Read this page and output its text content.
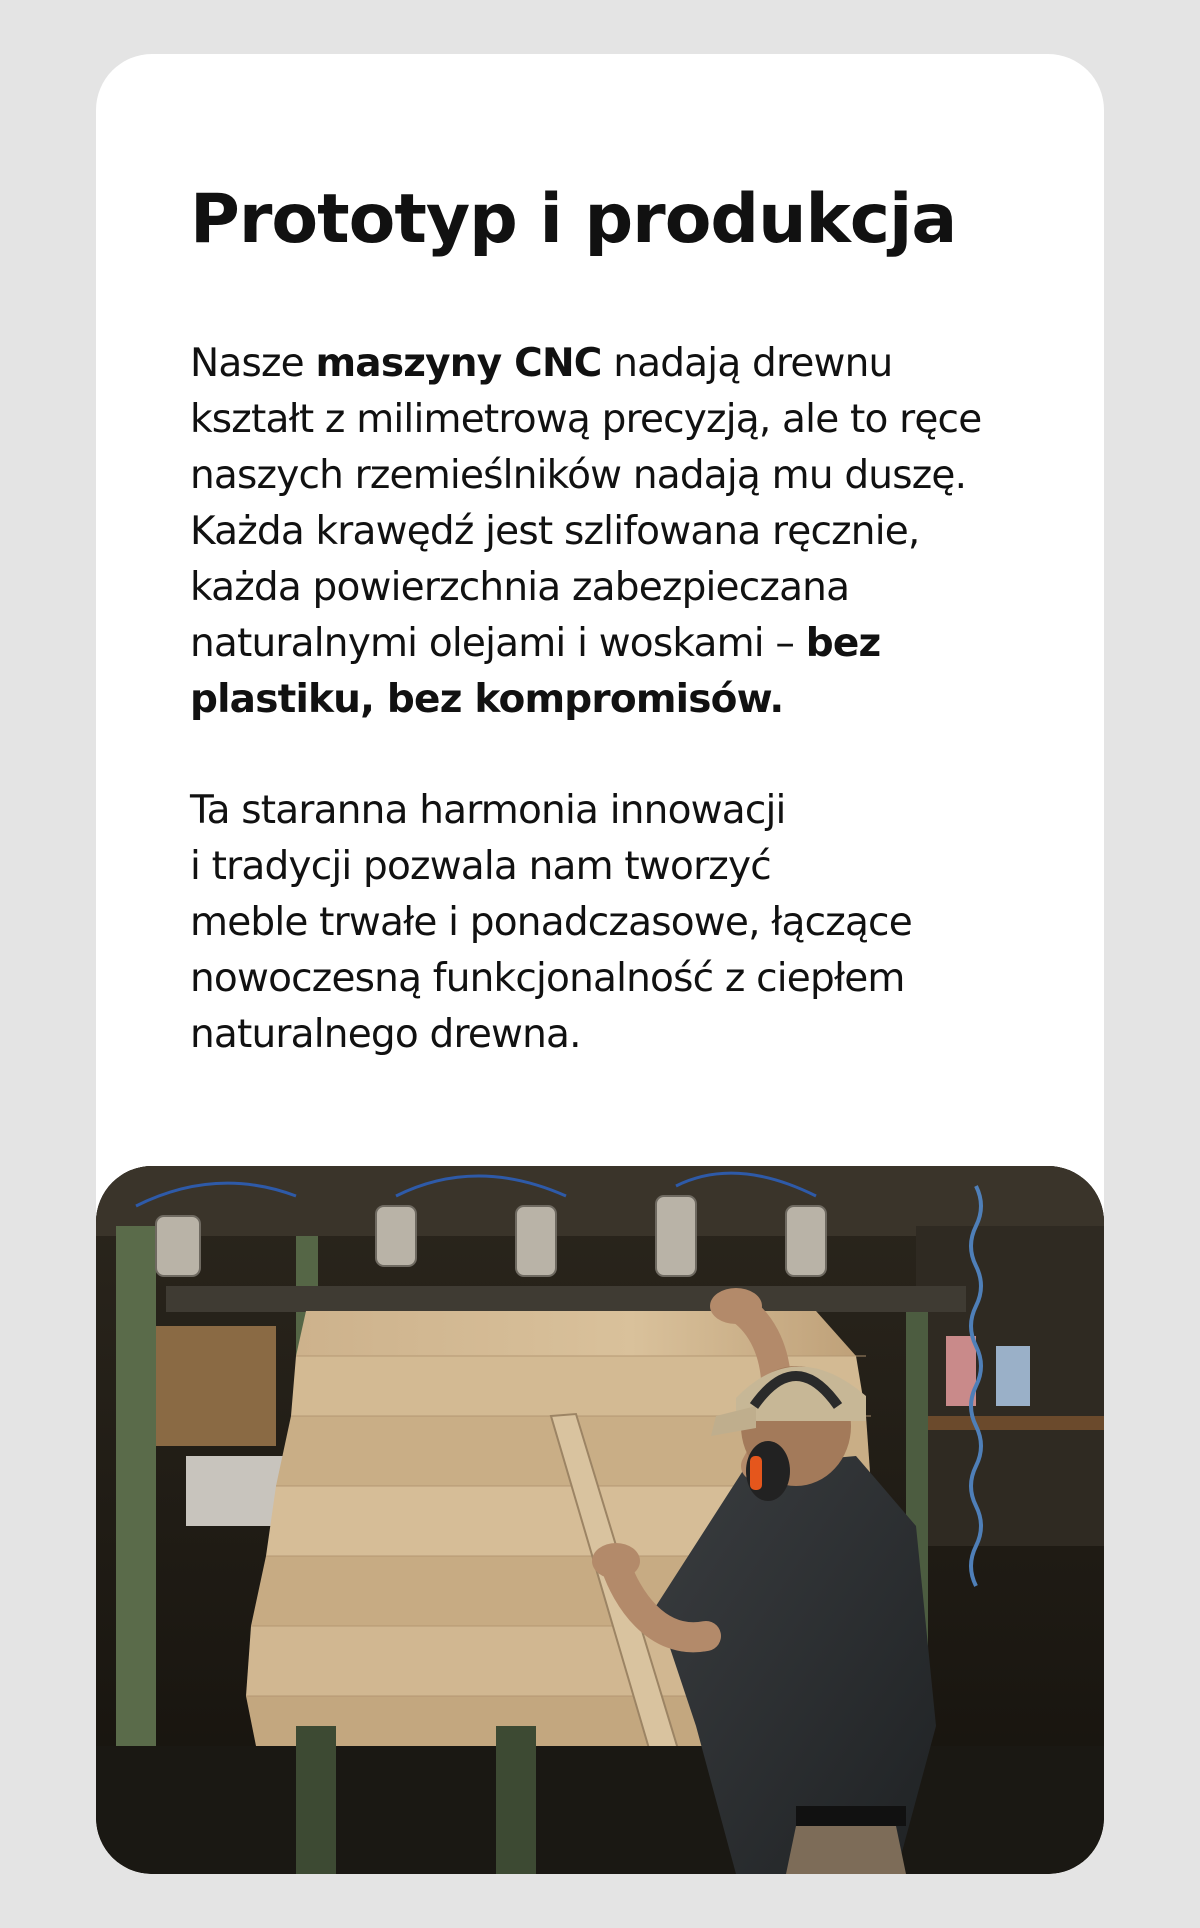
Prototyp i produkcja

Nasze maszyny CNC nadają drewnu
kształt z milimetrową precyzją, ale to ręce
naszych rzemieślników nadają mu duszę.
Każda krawędź jest szlifowana ręcznie,
każda powierzchnia zabezpieczana
naturalnymi olejami i woskami – bez
plastiku, bez kompromisów.

Ta staranna harmonia innowacji
i tradycji pozwala nam tworzyć
meble trwałe i ponadczasowe, łączące
nowoczesną funkcjonalność z ciepłem
naturalnego drewna.
